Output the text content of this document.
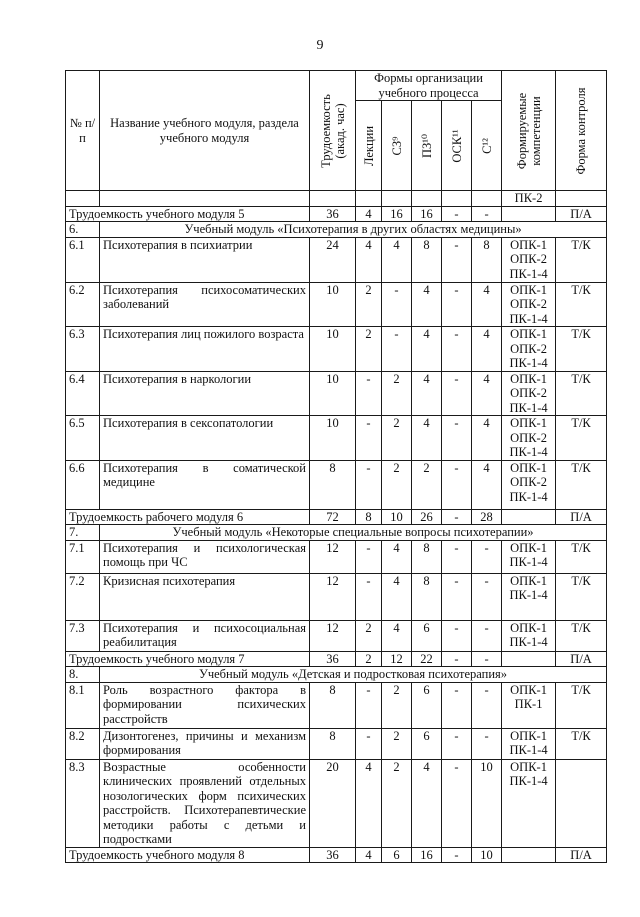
9
№ п/п	Название учебного модуля, раздела учебного модуля	Трудоемкость (акад. час)	Формы организации учебного процесса					Формируемые компетенции	Форма контроля

			Лекции	СЗ⁹	ПЗ¹⁰	ОСК¹¹	С¹²		

								ПК-2	
Трудоемкость учебного модуля 5		36	4	16	16	-	-		П/А
6.	Учебный модуль «Психотерапия в других областях медицины»								
6.1	Психотерапия в психиатрии	24	4	4	8	-	8	ОПК-1
ОПК-2
ПК-1-4	Т/К
6.2	Психотерапия психосоматических заболеваний	10	2	-	4	-	4	ОПК-1
ОПК-2
ПК-1-4	Т/К
6.3	Психотерапия лиц пожилого возраста	10	2	-	4	-	4	ОПК-1
ОПК-2
ПК-1-4	Т/К
6.4	Психотерапия в наркологии	10	-	2	4	-	4	ОПК-1
ОПК-2
ПК-1-4	Т/К
6.5	Психотерапия в сексопатологии	10	-	2	4	-	4	ОПК-1
ОПК-2
ПК-1-4	Т/К
6.6	Психотерапия в соматической медицине	8	-	2	2	-	4	ОПК-1
ОПК-2
ПК-1-4	Т/К
Трудоемкость рабочего модуля 6		72	8	10	26	-	28		П/А
7.	Учебный модуль «Некоторые специальные вопросы психотерапии»								
7.1	Психотерапия и психологическая помощь при ЧС	12	-	4	8	-	-	ОПК-1
ПК-1-4	Т/К
7.2	Кризисная психотерапия	12	-	4	8	-	-	ОПК-1
ПК-1-4	Т/К
7.3	Психотерапия и психосоциальная реабилитация	12	2	4	6	-	-	ОПК-1
ПК-1-4	Т/К
Трудоемкость учебного модуля 7		36	2	12	22	-	-		П/А
8.	Учебный модуль «Детская и подростковая психотерапия»								
8.1	Роль возрастного фактора в формировании психических расстройств	8	-	2	6	-	-	ОПК-1
ПК-1	Т/К
8.2	Дизонтогенез, причины и механизм формирования	8	-	2	6	-	-	ОПК-1
ПК-1-4	Т/К
8.3	Возрастные особенности клинических проявлений отдельных нозологических форм психических расстройств. Психотерапевтические методики работы с детьми и подростками	20	4	2	4	-	10	ОПК-1
ПК-1-4	
Трудоемкость учебного модуля 8		36	4	6	16	-	10		П/А
